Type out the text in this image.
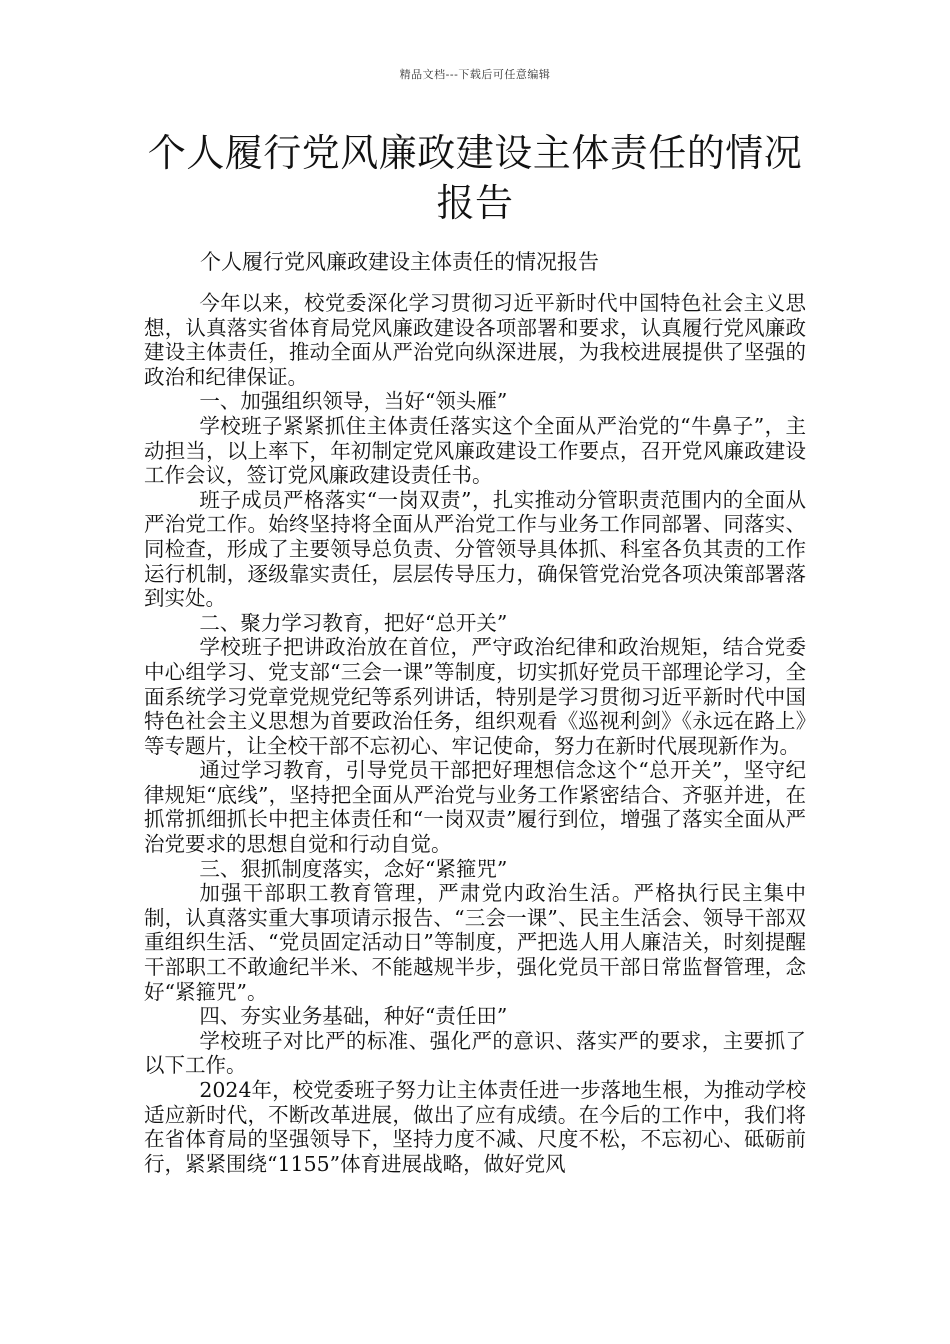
精品文档---下载后可任意编辑
个人履行党风廉政建设主体责任的情况报告
个人履行党风廉政建设主体责任的情况报告

今年以来，校党委深化学习贯彻习近平新时代中国特色社会主义思想，认真落实省体育局党风廉政建设各项部署和要求，认真履行党风廉政建设主体责任，推动全面从严治党向纵深进展，为我校进展提供了坚强的政治和纪律保证。

一、加强组织领导，当好“领头雁”

学校班子紧紧抓住主体责任落实这个全面从严治党的“牛鼻子”，主动担当，以上率下，年初制定党风廉政建设工作要点，召开党风廉政建设工作会议，签订党风廉政建设责任书。

班子成员严格落实“一岗双责”，扎实推动分管职责范围内的全面从严治党工作。始终坚持将全面从严治党工作与业务工作同部署、同落实、同检查，形成了主要领导总负责、分管领导具体抓、科室各负其责的工作运行机制，逐级靠实责任，层层传导压力，确保管党治党各项决策部署落到实处。

二、聚力学习教育，把好“总开关”

学校班子把讲政治放在首位，严守政治纪律和政治规矩，结合党委中心组学习、党支部“三会一课”等制度，切实抓好党员干部理论学习，全面系统学习党章党规党纪等系列讲话，特别是学习贯彻习近平新时代中国特色社会主义思想为首要政治任务，组织观看《巡视利剑》《永远在路上》等专题片，让全校干部不忘初心、牢记使命，努力在新时代展现新作为。

通过学习教育，引导党员干部把好理想信念这个“总开关”，坚守纪律规矩“底线”，坚持把全面从严治党与业务工作紧密结合、齐驱并进，在抓常抓细抓长中把主体责任和“一岗双责”履行到位，增强了落实全面从严治党要求的思想自觉和行动自觉。

三、狠抓制度落实，念好“紧箍咒”

加强干部职工教育管理，严肃党内政治生活。严格执行民主集中制，认真落实重大事项请示报告、“三会一课”、民主生活会、领导干部双重组织生活、“党员固定活动日”等制度，严把选人用人廉洁关，时刻提醒干部职工不敢逾纪半米、不能越规半步，强化党员干部日常监督管理，念好“紧箍咒”。

四、夯实业务基础，种好“责任田”

学校班子对比严的标准、强化严的意识、落实严的要求，主要抓了以下工作。

2024年，校党委班子努力让主体责任进一步落地生根，为推动学校适应新时代，不断改革进展，做出了应有成绩。在今后的工作中，我们将在省体育局的坚强领导下，坚持力度不减、尺度不松，不忘初心、砥砺前行，紧紧围绕“1155”体育进展战略，做好党风
